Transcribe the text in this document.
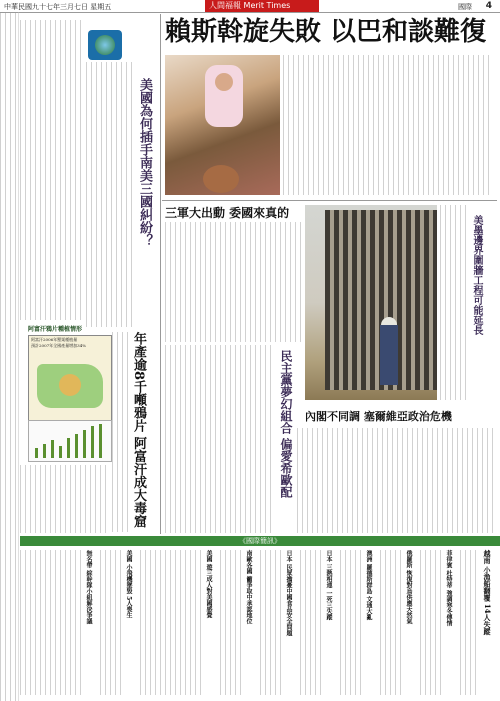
中華民國九十七年三月七日 星期五	人間福報 Merit Times	國際 4
賴斯斡旋失敗 以巴和談難復
美國為何插手南美三國糾紛？ 三軍大出動 委國來真的
美墨邊界圍牆工程可能延長
阿富汗鴉片種植情形
阿富汗2006年罌粟種植量
預計2007年全國產量增加34%	年產逾8千噸鴉片 阿富汗成大毒窟	民主黨夢幻組合 偏愛希歐配 內閣不同調 塞爾維亞政治危機
《國際簡訊》
越南 小漁船翻覆 14人失蹤
菲律賓 杜特蒂 強調寒冬傳情
俄羅斯 恢復對烏供應天然氣
澳洲 羅德斯群島 文通大亂
日本 三熱相連 一死三失蹤
日本 民眾擔憂中國食品安全問題
南歐各國 籲爭取中承認地位
美國 遊三成人對美國感覺
美國 小飛機墜毀 5人喪生
無名帶 綜幹隊小組解決爭議
